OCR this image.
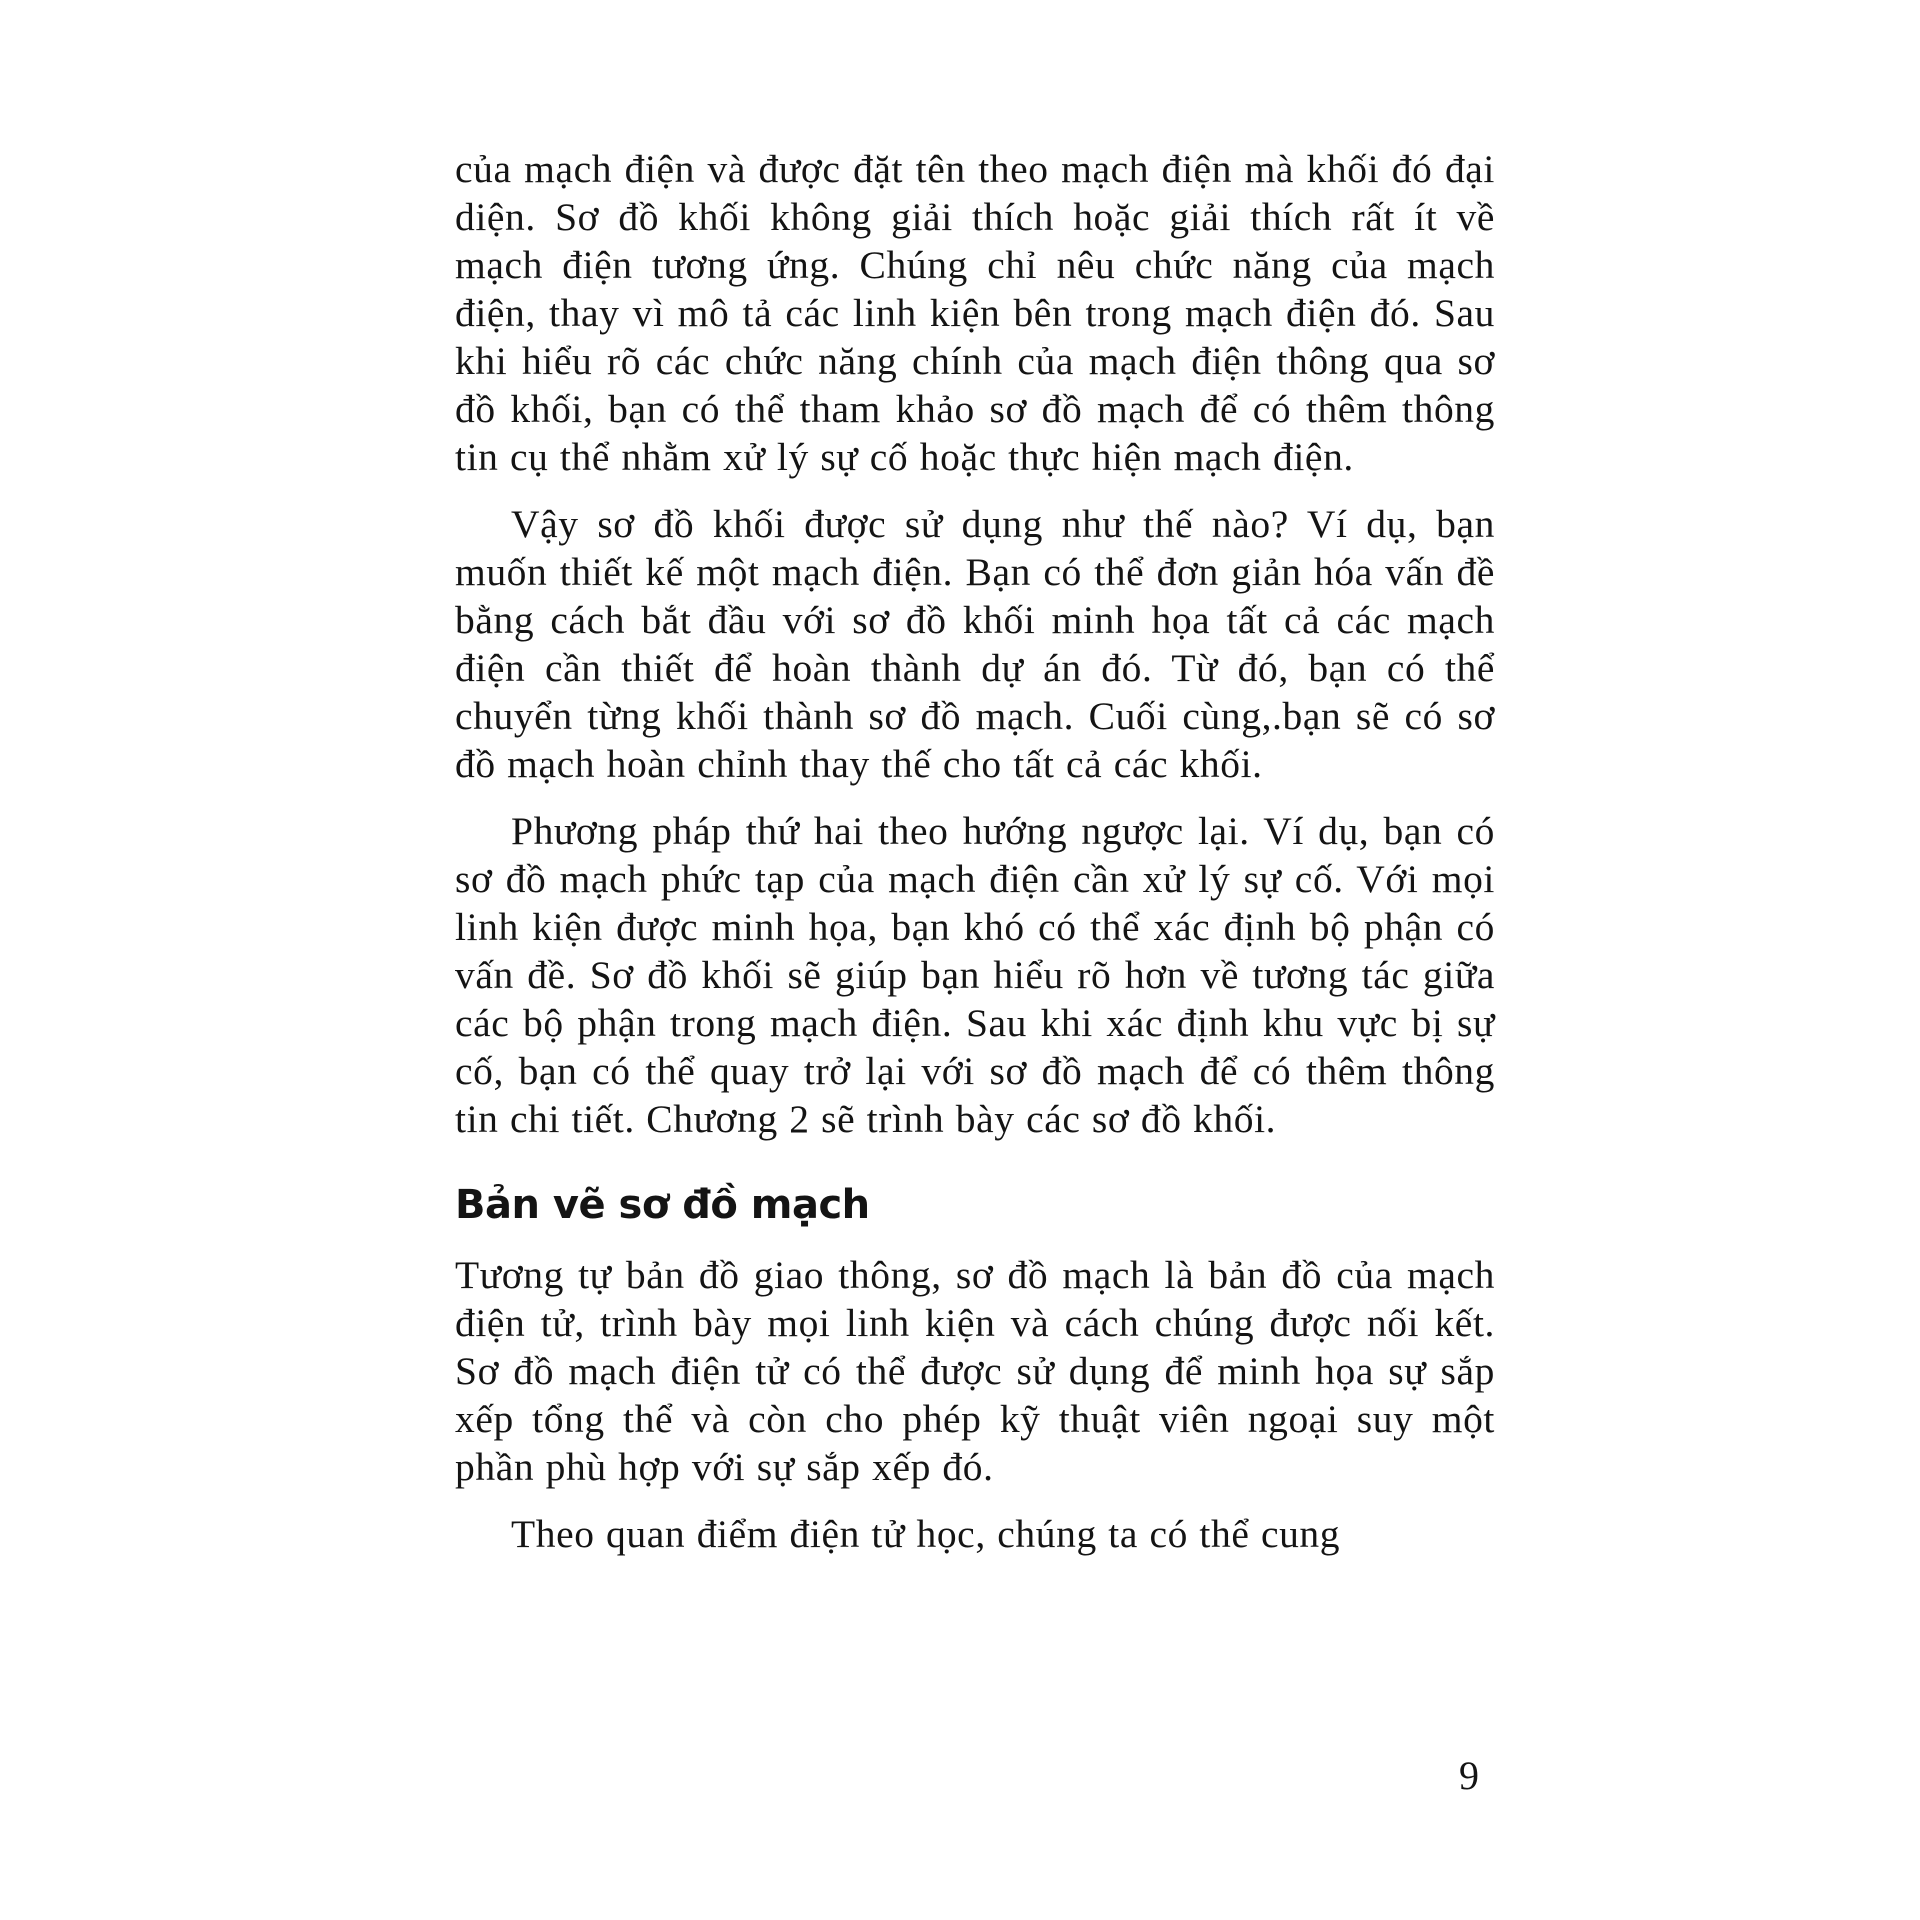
của mạch điện và được đặt tên theo mạch điện mà khối đó đại diện. Sơ đồ khối không giải thích hoặc giải thích rất ít về mạch điện tương ứng. Chúng chỉ nêu chức năng của mạch điện, thay vì mô tả các linh kiện bên trong mạch điện đó. Sau khi hiểu rõ các chức năng chính của mạch điện thông qua sơ đồ khối, bạn có thể tham khảo sơ đồ mạch để có thêm thông tin cụ thể nhằm xử lý sự cố hoặc thực hiện mạch điện.

Vậy sơ đồ khối được sử dụng như thế nào? Ví dụ, bạn muốn thiết kế một mạch điện. Bạn có thể đơn giản hóa vấn đề bằng cách bắt đầu với sơ đồ khối minh họa tất cả các mạch điện cần thiết để hoàn thành dự án đó. Từ đó, bạn có thể chuyển từng khối thành sơ đồ mạch. Cuối cùng,.bạn sẽ có sơ đồ mạch hoàn chỉnh thay thế cho tất cả các khối.

Phương pháp thứ hai theo hướng ngược lại. Ví dụ, bạn có sơ đồ mạch phức tạp của mạch điện cần xử lý sự cố. Với mọi linh kiện được minh họa, bạn khó có thể xác định bộ phận có vấn đề. Sơ đồ khối sẽ giúp bạn hiểu rõ hơn về tương tác giữa các bộ phận trong mạch điện. Sau khi xác định khu vực bị sự cố, bạn có thể quay trở lại với sơ đồ mạch để có thêm thông tin chi tiết. Chương 2 sẽ trình bày các sơ đồ khối.

Bản vẽ sơ đồ mạch

Tương tự bản đồ giao thông, sơ đồ mạch là bản đồ của mạch điện tử, trình bày mọi linh kiện và cách chúng được nối kết. Sơ đồ mạch điện tử có thể được sử dụng để minh họa sự sắp xếp tổng thể và còn cho phép kỹ thuật viên ngoại suy một phần phù hợp với sự sắp xếp đó.

Theo quan điểm điện tử học, chúng ta có thể cung

9
